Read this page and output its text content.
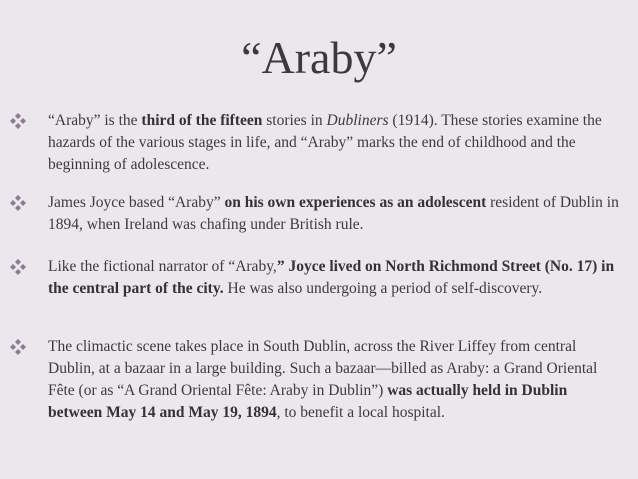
“Araby”

“Araby” is the third of the fifteen stories in Dubliners (1914). These stories examine the hazards of the various stages in life, and “Araby” marks the end of childhood and the beginning of adolescence.

James Joyce based “Araby” on his own experiences as an adolescent resident of Dublin in 1894, when Ireland was chafing under British rule.

Like the fictional narrator of “Araby,” Joyce lived on North Richmond Street (No. 17) in the central part of the city. He was also undergoing a period of self-discovery.

The climactic scene takes place in South Dublin, across the River Liffey from central Dublin, at a bazaar in a large building. Such a bazaar—billed as Araby: a Grand Oriental Fête (or as “A Grand Oriental Fête: Araby in Dublin”) was actually held in Dublin between May 14 and May 19, 1894, to benefit a local hospital.
